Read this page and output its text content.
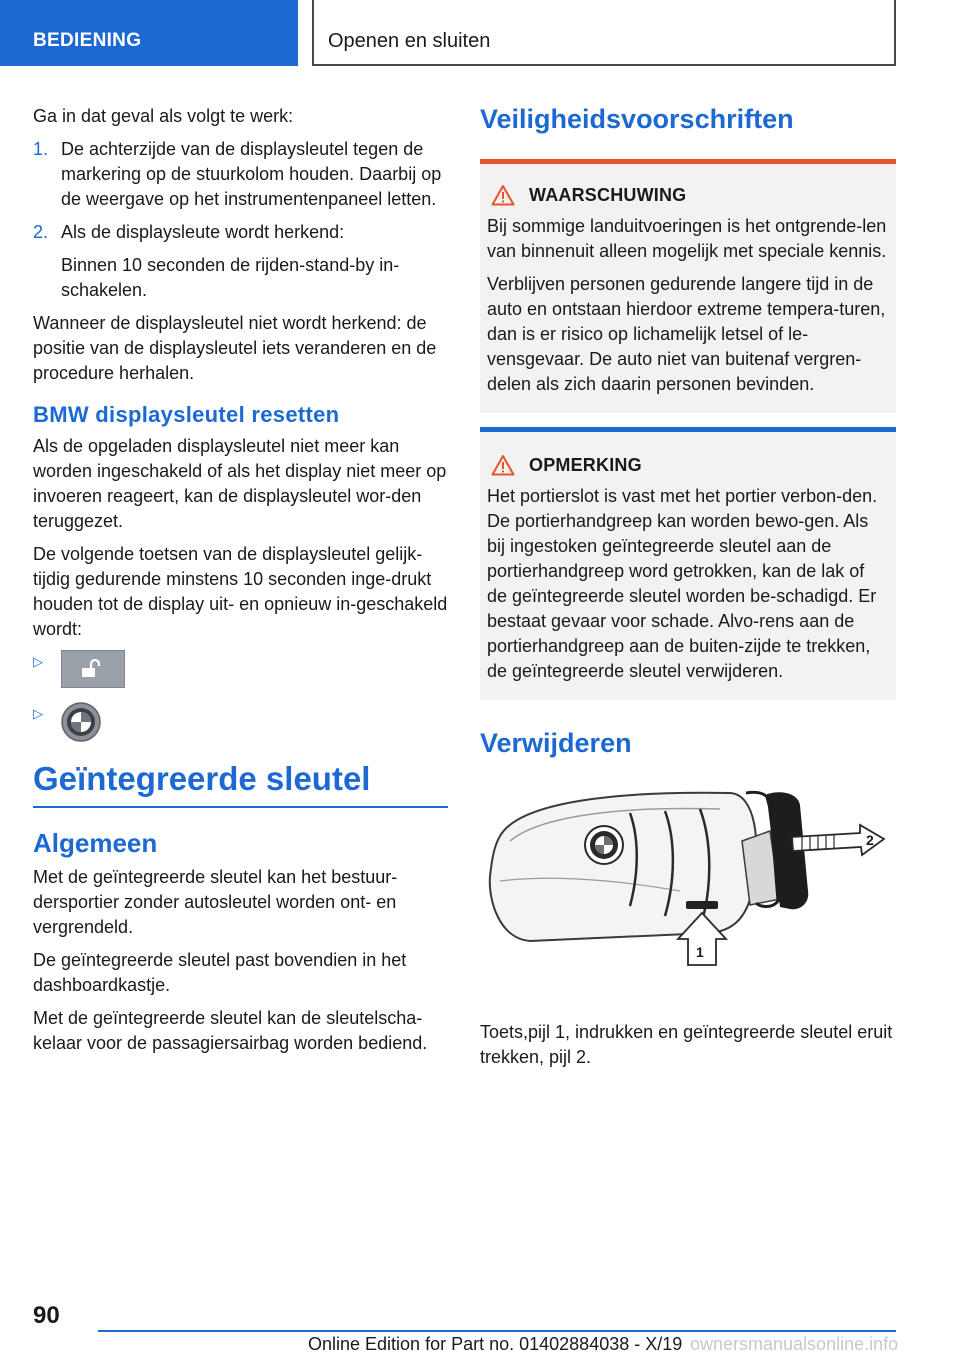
BEDIENING	Openen en sluiten

Ga in dat geval als volgt te werk:

1. De achterzijde van de displaysleutel tegen de markering op de stuurkolom houden. Daarbij op de weergave op het instrumentenpaneel letten.

2. Als de displaysleute wordt herkend:

Binnen 10 seconden de rijden-stand-by in-schakelen.

Wanneer de displaysleutel niet wordt herkend: de positie van de displaysleutel iets veranderen en de procedure herhalen.

BMW displaysleutel resetten

Als de opgeladen displaysleutel niet meer kan worden ingeschakeld of als het display niet meer op invoeren reageert, kan de displaysleutel wor-den teruggezet.

De volgende toetsen van de displaysleutel gelijk-tijdig gedurende minstens 10 seconden inge-drukt houden tot de display uit- en opnieuw in-geschakeld wordt:

▷
▷
Geïntegreerde sleutel
Algemeen

Met de geïntegreerde sleutel kan het bestuur-dersportier zonder autosleutel worden ont- en vergrendeld.

De geïntegreerde sleutel past bovendien in het dashboardkastje.

Met de geïntegreerde sleutel kan de sleutelscha-kelaar voor de passagiersairbag worden bediend.

Veiligheidsvoorschriften
WAARSCHUWING

Bij sommige landuitvoeringen is het ontgrende-len van binnenuit alleen mogelijk met speciale kennis.

Verblijven personen gedurende langere tijd in de auto en ontstaan hierdoor extreme tempera-turen, dan is er risico op lichamelijk letsel of le-vensgevaar. De auto niet van buitenaf vergren-delen als zich daarin personen bevinden.

OPMERKING

Het portierslot is vast met het portier verbon-den. De portierhandgreep kan worden bewo-gen. Als bij ingestoken geïntegreerde sleutel aan de portierhandgreep word getrokken, kan de lak of de geïntegreerde sleutel worden be-schadigd. Er bestaat gevaar voor schade. Alvo-rens aan de portierhandgreep aan de buiten-zijde te trekken, de geïntegreerde sleutel verwijderen.

Verwijderen
2
1

Toets,pijl 1, indrukken en geïntegreerde sleutel eruit trekken, pijl 2.

90
Online Edition for Part no. 01402884038 - X/19 ownersmanualsonline.info
